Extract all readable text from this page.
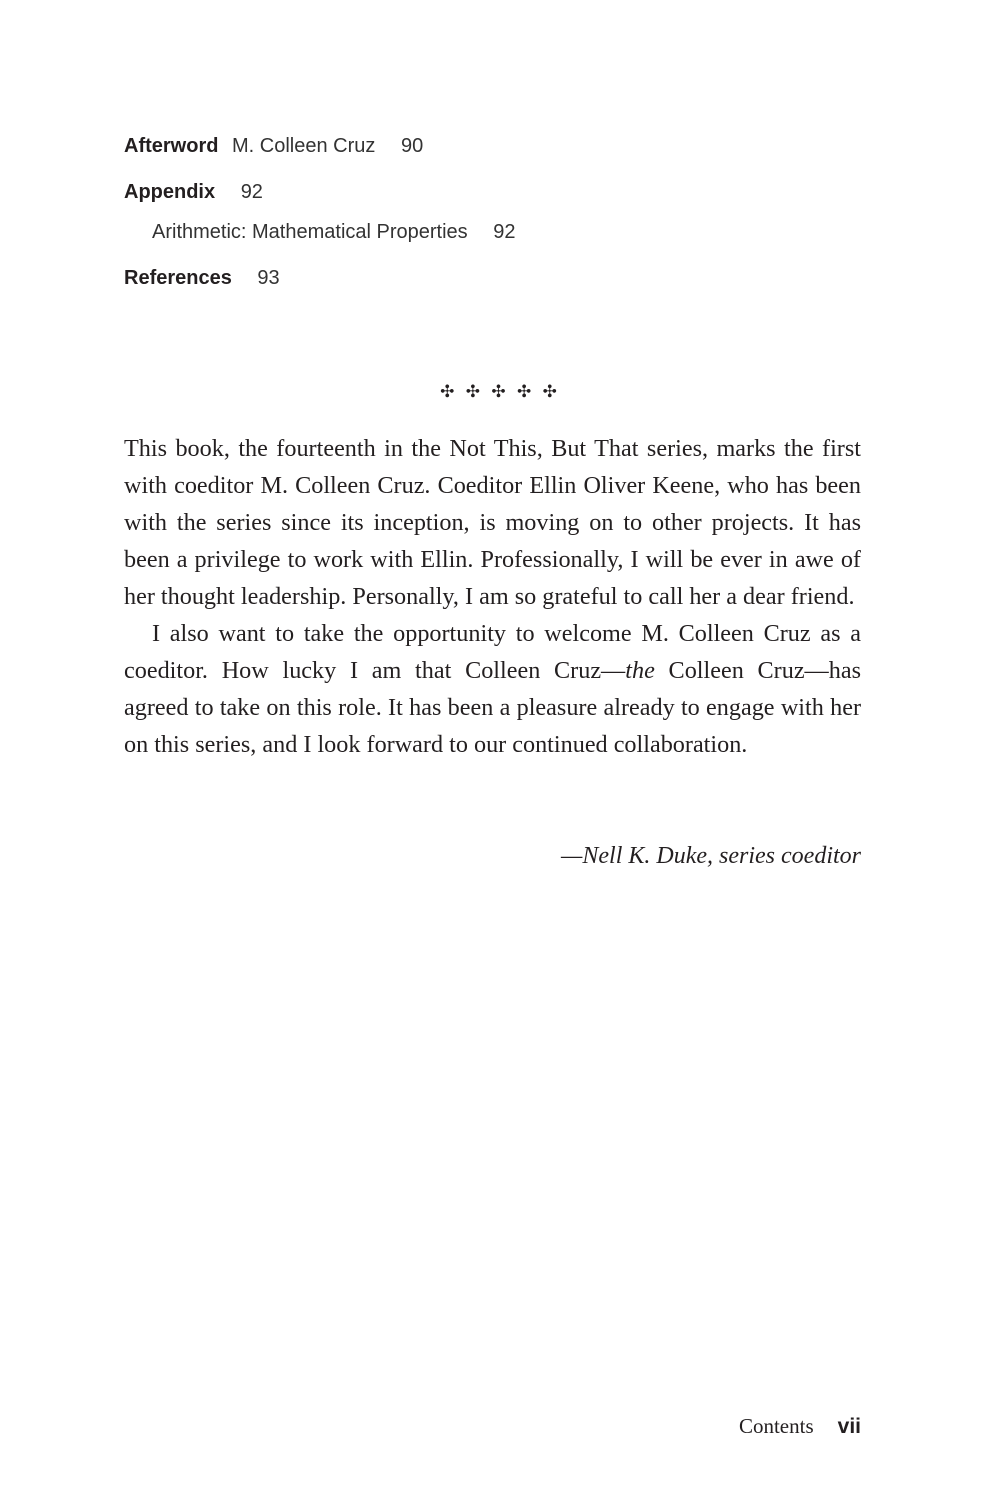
Afterword M. Colleen Cruz 90
Appendix 92
Arithmetic: Mathematical Properties 92
References 93
✣ ✣ ✣ ✣ ✣

This book, the fourteenth in the Not This, But That series, marks the first with coeditor M. Colleen Cruz. Coeditor Ellin Oliver Keene, who has been with the series since its inception, is moving on to other projects. It has been a privilege to work with Ellin. Professionally, I will be ever in awe of her thought leadership. Personally, I am so grateful to call her a dear friend.

I also want to take the opportunity to welcome M. Colleen Cruz as a coeditor. How lucky I am that Colleen Cruz—the Colleen Cruz—has agreed to take on this role. It has been a pleasure already to engage with her on this series, and I look forward to our continued collaboration.

—Nell K. Duke, series coeditor
Contents vii
